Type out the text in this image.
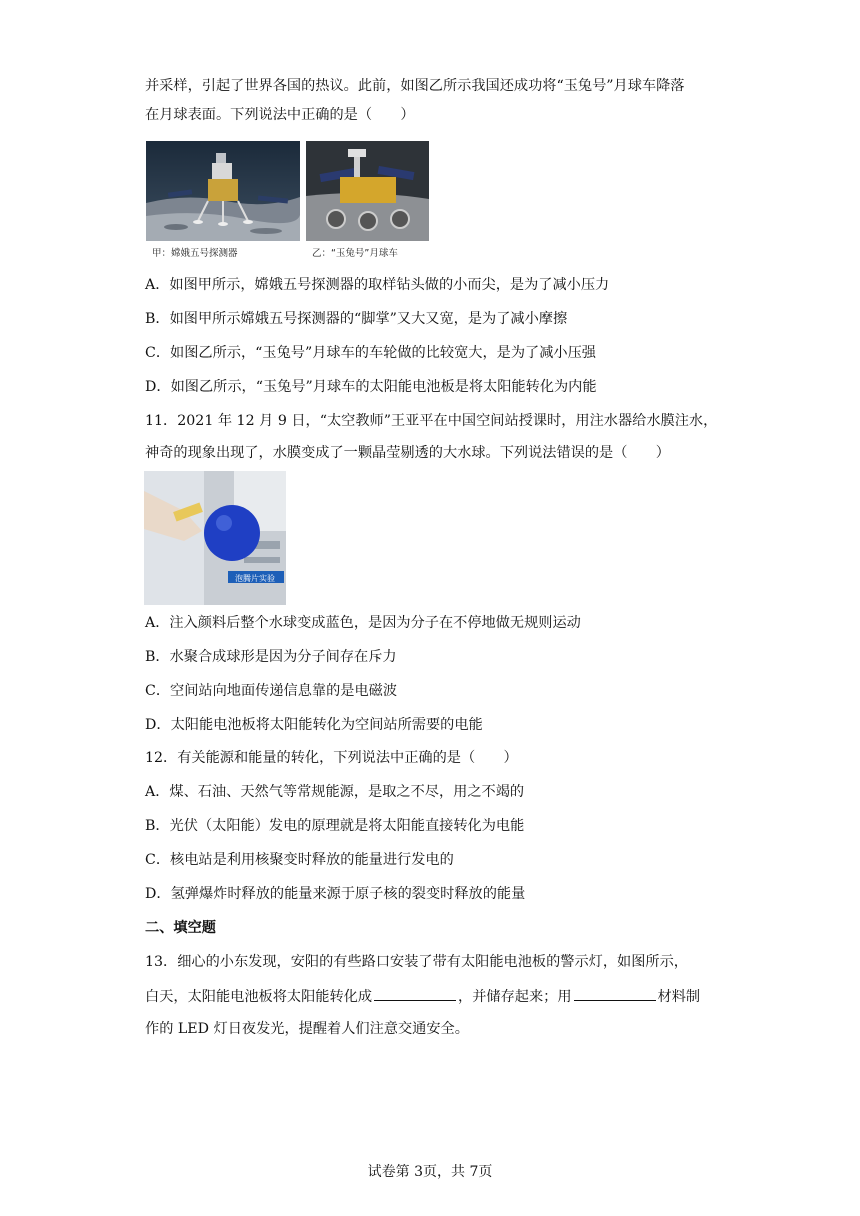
并采样，引起了世界各国的热议。此前，如图乙所示我国还成功将“玉兔号”月球车降落
在月球表面。下列说法中正确的是（　　）
甲：嫦娥五号探测器	乙：“玉兔号”月球车
A．如图甲所示，嫦娥五号探测器的取样钻头做的小而尖，是为了减小压力
B．如图甲所示嫦娥五号探测器的“脚掌”又大又宽，是为了减小摩擦
C．如图乙所示，“玉兔号”月球车的车轮做的比较宽大，是为了减小压强
D．如图乙所示，“玉兔号”月球车的太阳能电池板是将太阳能转化为内能
11．2021 年 12 月 9 日，“太空教师”王亚平在中国空间站授课时，用注水器给水膜注水，
神奇的现象出现了，水膜变成了一颗晶莹剔透的大水球。下列说法错误的是（　　）
泡腾片实验
A．注入颜料后整个水球变成蓝色，是因为分子在不停地做无规则运动
B．水聚合成球形是因为分子间存在斥力
C．空间站向地面传递信息靠的是电磁波
D．太阳能电池板将太阳能转化为空间站所需要的电能
12．有关能源和能量的转化，下列说法中正确的是（　　）
A．煤、石油、天然气等常规能源，是取之不尽，用之不竭的
B．光伏（太阳能）发电的原理就是将太阳能直接转化为电能
C．核电站是利用核聚变时释放的能量进行发电的
D．氢弹爆炸时释放的能量来源于原子核的裂变时释放的能量
二、填空题
13．细心的小东发现，安阳的有些路口安装了带有太阳能电池板的警示灯，如图所示，
白天，太阳能电池板将太阳能转化成	，并储存起来；用	材料制
作的 LED 灯日夜发光，提醒着人们注意交通安全。
试卷第 3页，共 7页
